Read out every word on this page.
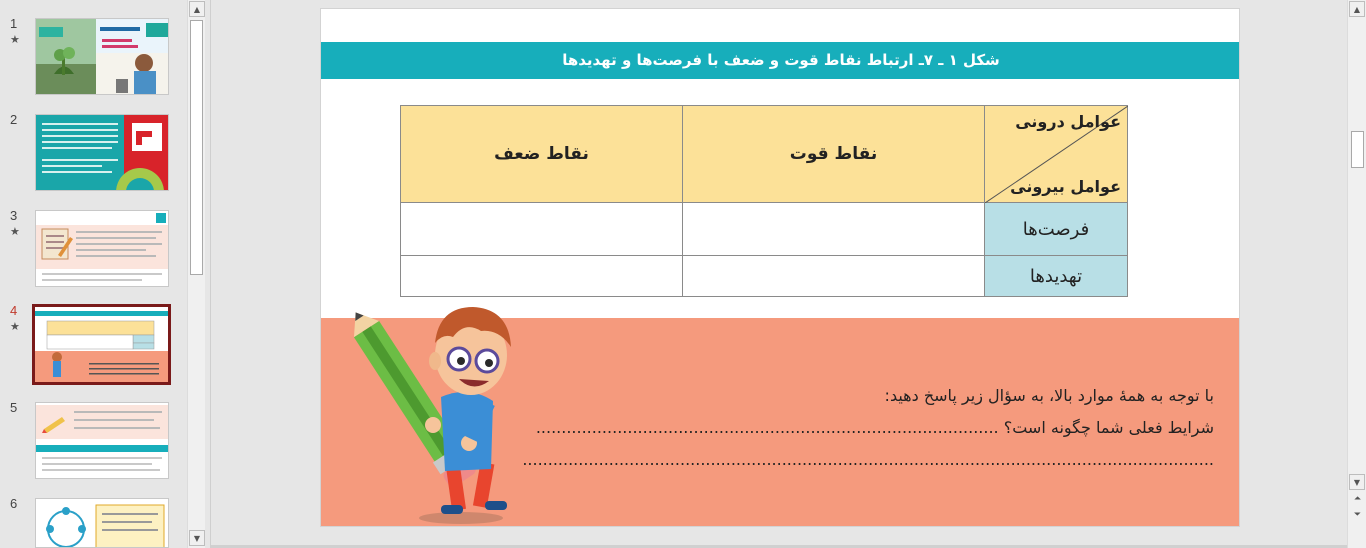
1
★
2
3
★
4
★
5
6
▲
▼
شکل ۱ ـ ۷ـ ارتباط نقاط قوت و ضعف با فرصت‌ها و تهدیدها
عوامل درونی
عوامل بیرونی	نقاط قوت	نقاط ضعف
فرصت‌ها		
تهدیدها		
با توجه به همهٔ موارد بالا، به سؤال زیر پاسخ دهید:
شرایط فعلی شما چگونه است؟ ...........................................................................................
........................................................................................................................................
▲
▼
⏶
⏷
